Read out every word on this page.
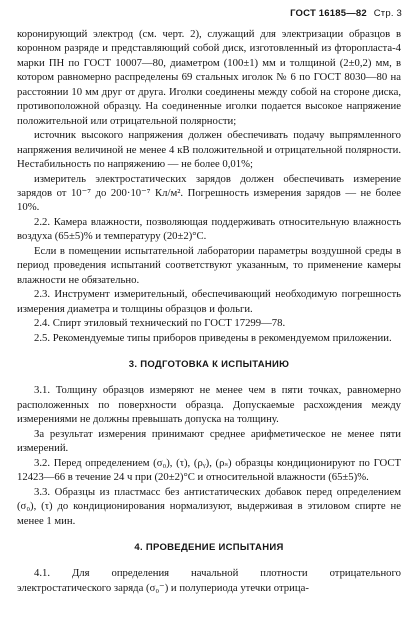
ГОСТ 16185—82 Стр. 3

коронирующий электрод (см. черт. 2), служащий для электризации образцов в коронном разряде и представляющий собой диск, изготовленный из фторопласта-4 марки ПН по ГОСТ 10007—80, диаметром (100±1) мм и толщиной (2±0,2) мм, в котором равномерно распределены 69 стальных иголок № 6 по ГОСТ 8030—80 на расстоянии 10 мм друг от друга. Иголки соединены между собой на стороне диска, противоположной образцу. На соединенные иголки подается высокое напряжение положительной или отрицательной полярности;

источник высокого напряжения должен обеспечивать подачу выпрямленного напряжения величиной не менее 4 кВ положительной и отрицательной полярности. Нестабильность по напряжению — не более 0,01%;

измеритель электростатических зарядов должен обеспечивать измерение зарядов от 10⁻⁷ до 200·10⁻⁷ Кл/м². Погрешность измерения зарядов — не более 10%.

2.2. Камера влажности, позволяющая поддерживать относительную влажность воздуха (65±5)% и температуру (20±2)°С.

Если в помещении испытательной лаборатории параметры воздушной среды в период проведения испытаний соответствуют указанным, то применение камеры влажности не обязательно.

2.3. Инструмент измерительный, обеспечивающий необходимую погрешность измерения диаметра и толщины образцов и фольги.

2.4. Спирт этиловый технический по ГОСТ 17299—78.

2.5. Рекомендуемые типы приборов приведены в рекомендуемом приложении.

3. ПОДГОТОВКА К ИСПЫТАНИЮ

3.1. Толщину образцов измеряют не менее чем в пяти точках, равномерно расположенных по поверхности образца. Допускаемые расхождения между измерениями не должны превышать допуска на толщину.

За результат измерения принимают среднее арифметическое не менее пяти измерений.

3.2. Перед определением (σ₀), (τ), (ρᵧ), (ρₛ) образцы кондиционируют по ГОСТ 12423—66 в течение 24 ч при (20±2)°С и относительной влажности (65±5)%.

3.3. Образцы из пластмасс без антистатических добавок перед определением (σ₀), (τ) до кондиционирования нормализуют, выдерживая в этиловом спирте не менее 1 мин.

4. ПРОВЕДЕНИЕ ИСПЫТАНИЯ

4.1. Для определения начальной плотности отрицательного электростатического заряда (σ₀⁻) и полупериода утечки отрица-
